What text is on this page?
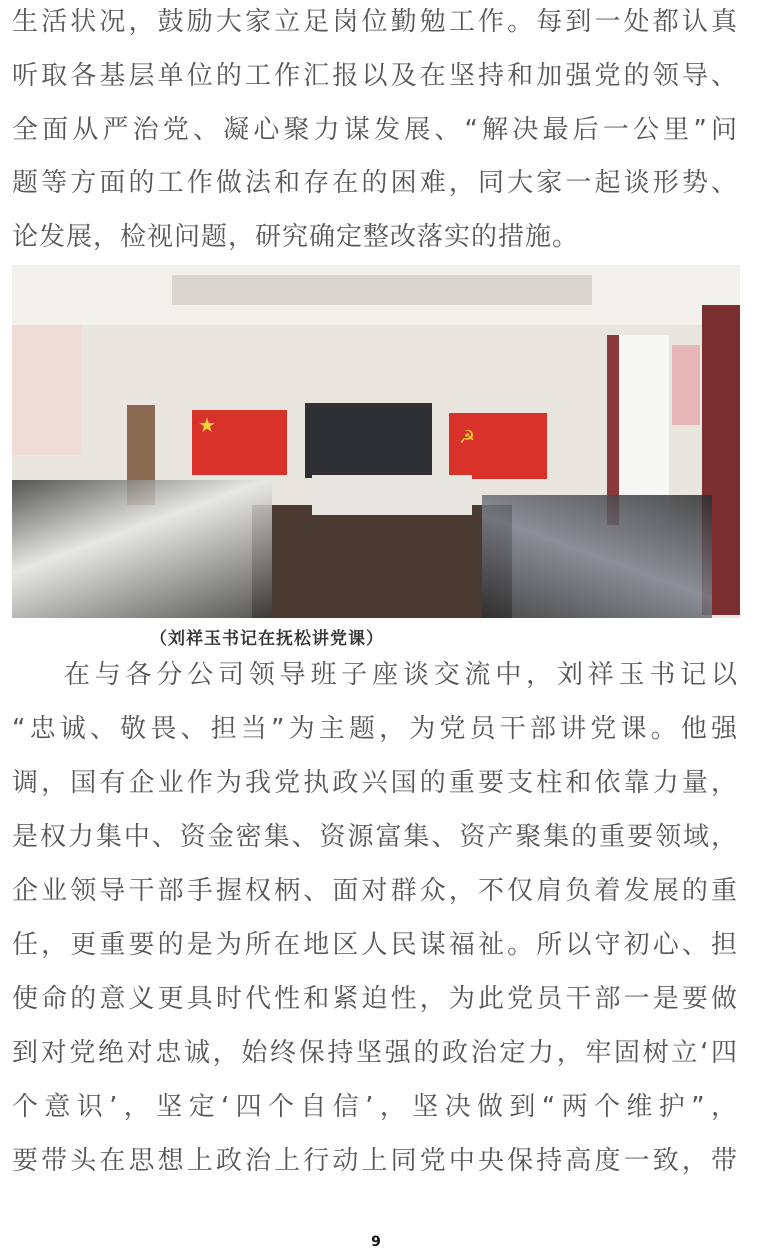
生活状况，鼓励大家立足岗位勤勉工作。每到一处都认真
听取各基层单位的工作汇报以及在坚持和加强党的领导、
全面从严治党、凝心聚力谋发展、“解决最后一公里”问
题等方面的工作做法和存在的困难，同大家一起谈形势、
论发展，检视问题，研究确定整改落实的措施。
★
☭
（刘祥玉书记在抚松讲党课）
在与各分公司领导班子座谈交流中，刘祥玉书记以
“忠诚、敬畏、担当”为主题，为党员干部讲党课。他强
调，国有企业作为我党执政兴国的重要支柱和依靠力量，
是权力集中、资金密集、资源富集、资产聚集的重要领域，
企业领导干部手握权柄、面对群众，不仅肩负着发展的重
任，更重要的是为所在地区人民谋福祉。所以守初心、担
使命的意义更具时代性和紧迫性，为此党员干部一是要做
到对党绝对忠诚，始终保持坚强的政治定力，牢固树立‘四
个意识’，坚定‘四个自信’，坚决做到“两个维护”，
要带头在思想上政治上行动上同党中央保持高度一致，带
9
